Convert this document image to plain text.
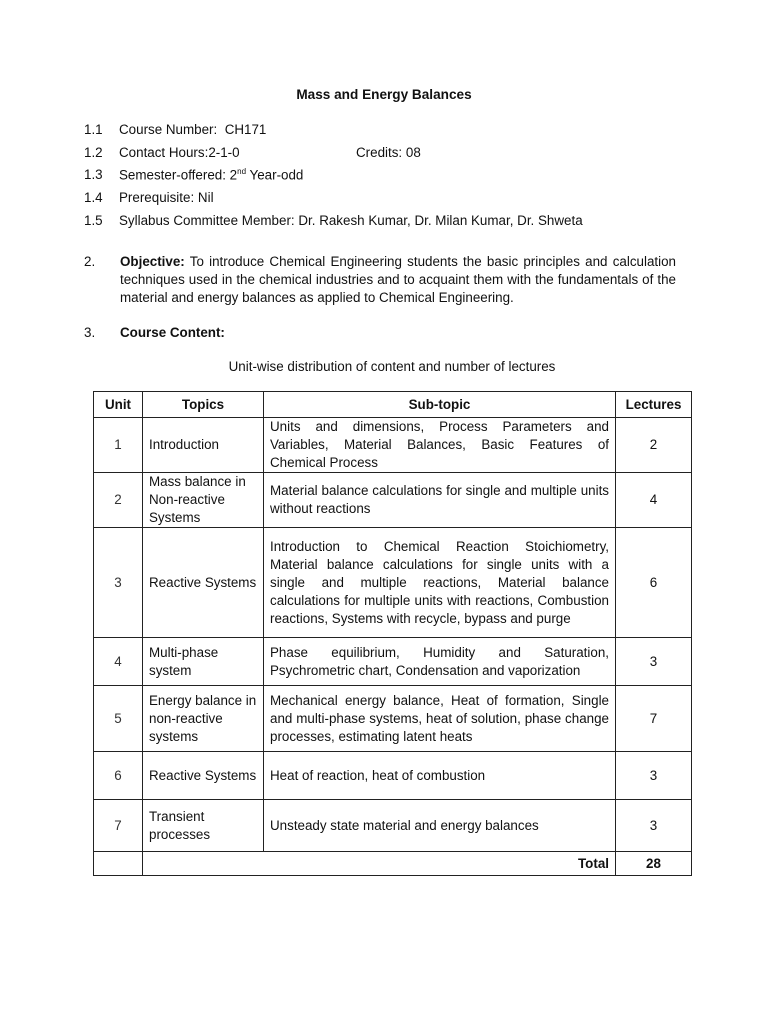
Mass and Energy Balances
1.1 Course Number: CH171
1.2 Contact Hours:2-1-0	Credits: 08
1.3 Semester-offered: 2nd Year-odd
1.4 Prerequisite: Nil
1.5 Syllabus Committee Member: Dr. Rakesh Kumar, Dr. Milan Kumar, Dr. Shweta
2. Objective: To introduce Chemical Engineering students the basic principles and calculation techniques used in the chemical industries and to acquaint them with the fundamentals of the material and energy balances as applied to Chemical Engineering.
3. Course Content:
Unit-wise distribution of content and number of lectures
Unit	Topics	Sub-topic	Lectures
1	Introduction	Units and dimensions, Process Parameters and Variables, Material Balances, Basic Features of Chemical Process	2
2	Mass balance in Non-reactive Systems	Material balance calculations for single and multiple units without reactions	4
3	Reactive Systems	Introduction to Chemical Reaction Stoichiometry, Material balance calculations for single units with a single and multiple reactions, Material balance calculations for multiple units with reactions, Combustion reactions, Systems with recycle, bypass and purge	6
4	Multi-phase system	Phase equilibrium, Humidity and Saturation, Psychrometric chart, Condensation and vaporization	3
5	Energy balance in non-reactive systems	Mechanical energy balance, Heat of formation, Single and multi-phase systems, heat of solution, phase change processes, estimating latent heats	7
6	Reactive Systems	Heat of reaction, heat of combustion	3
7	Transient processes	Unsteady state material and energy balances	3
	Total		28
